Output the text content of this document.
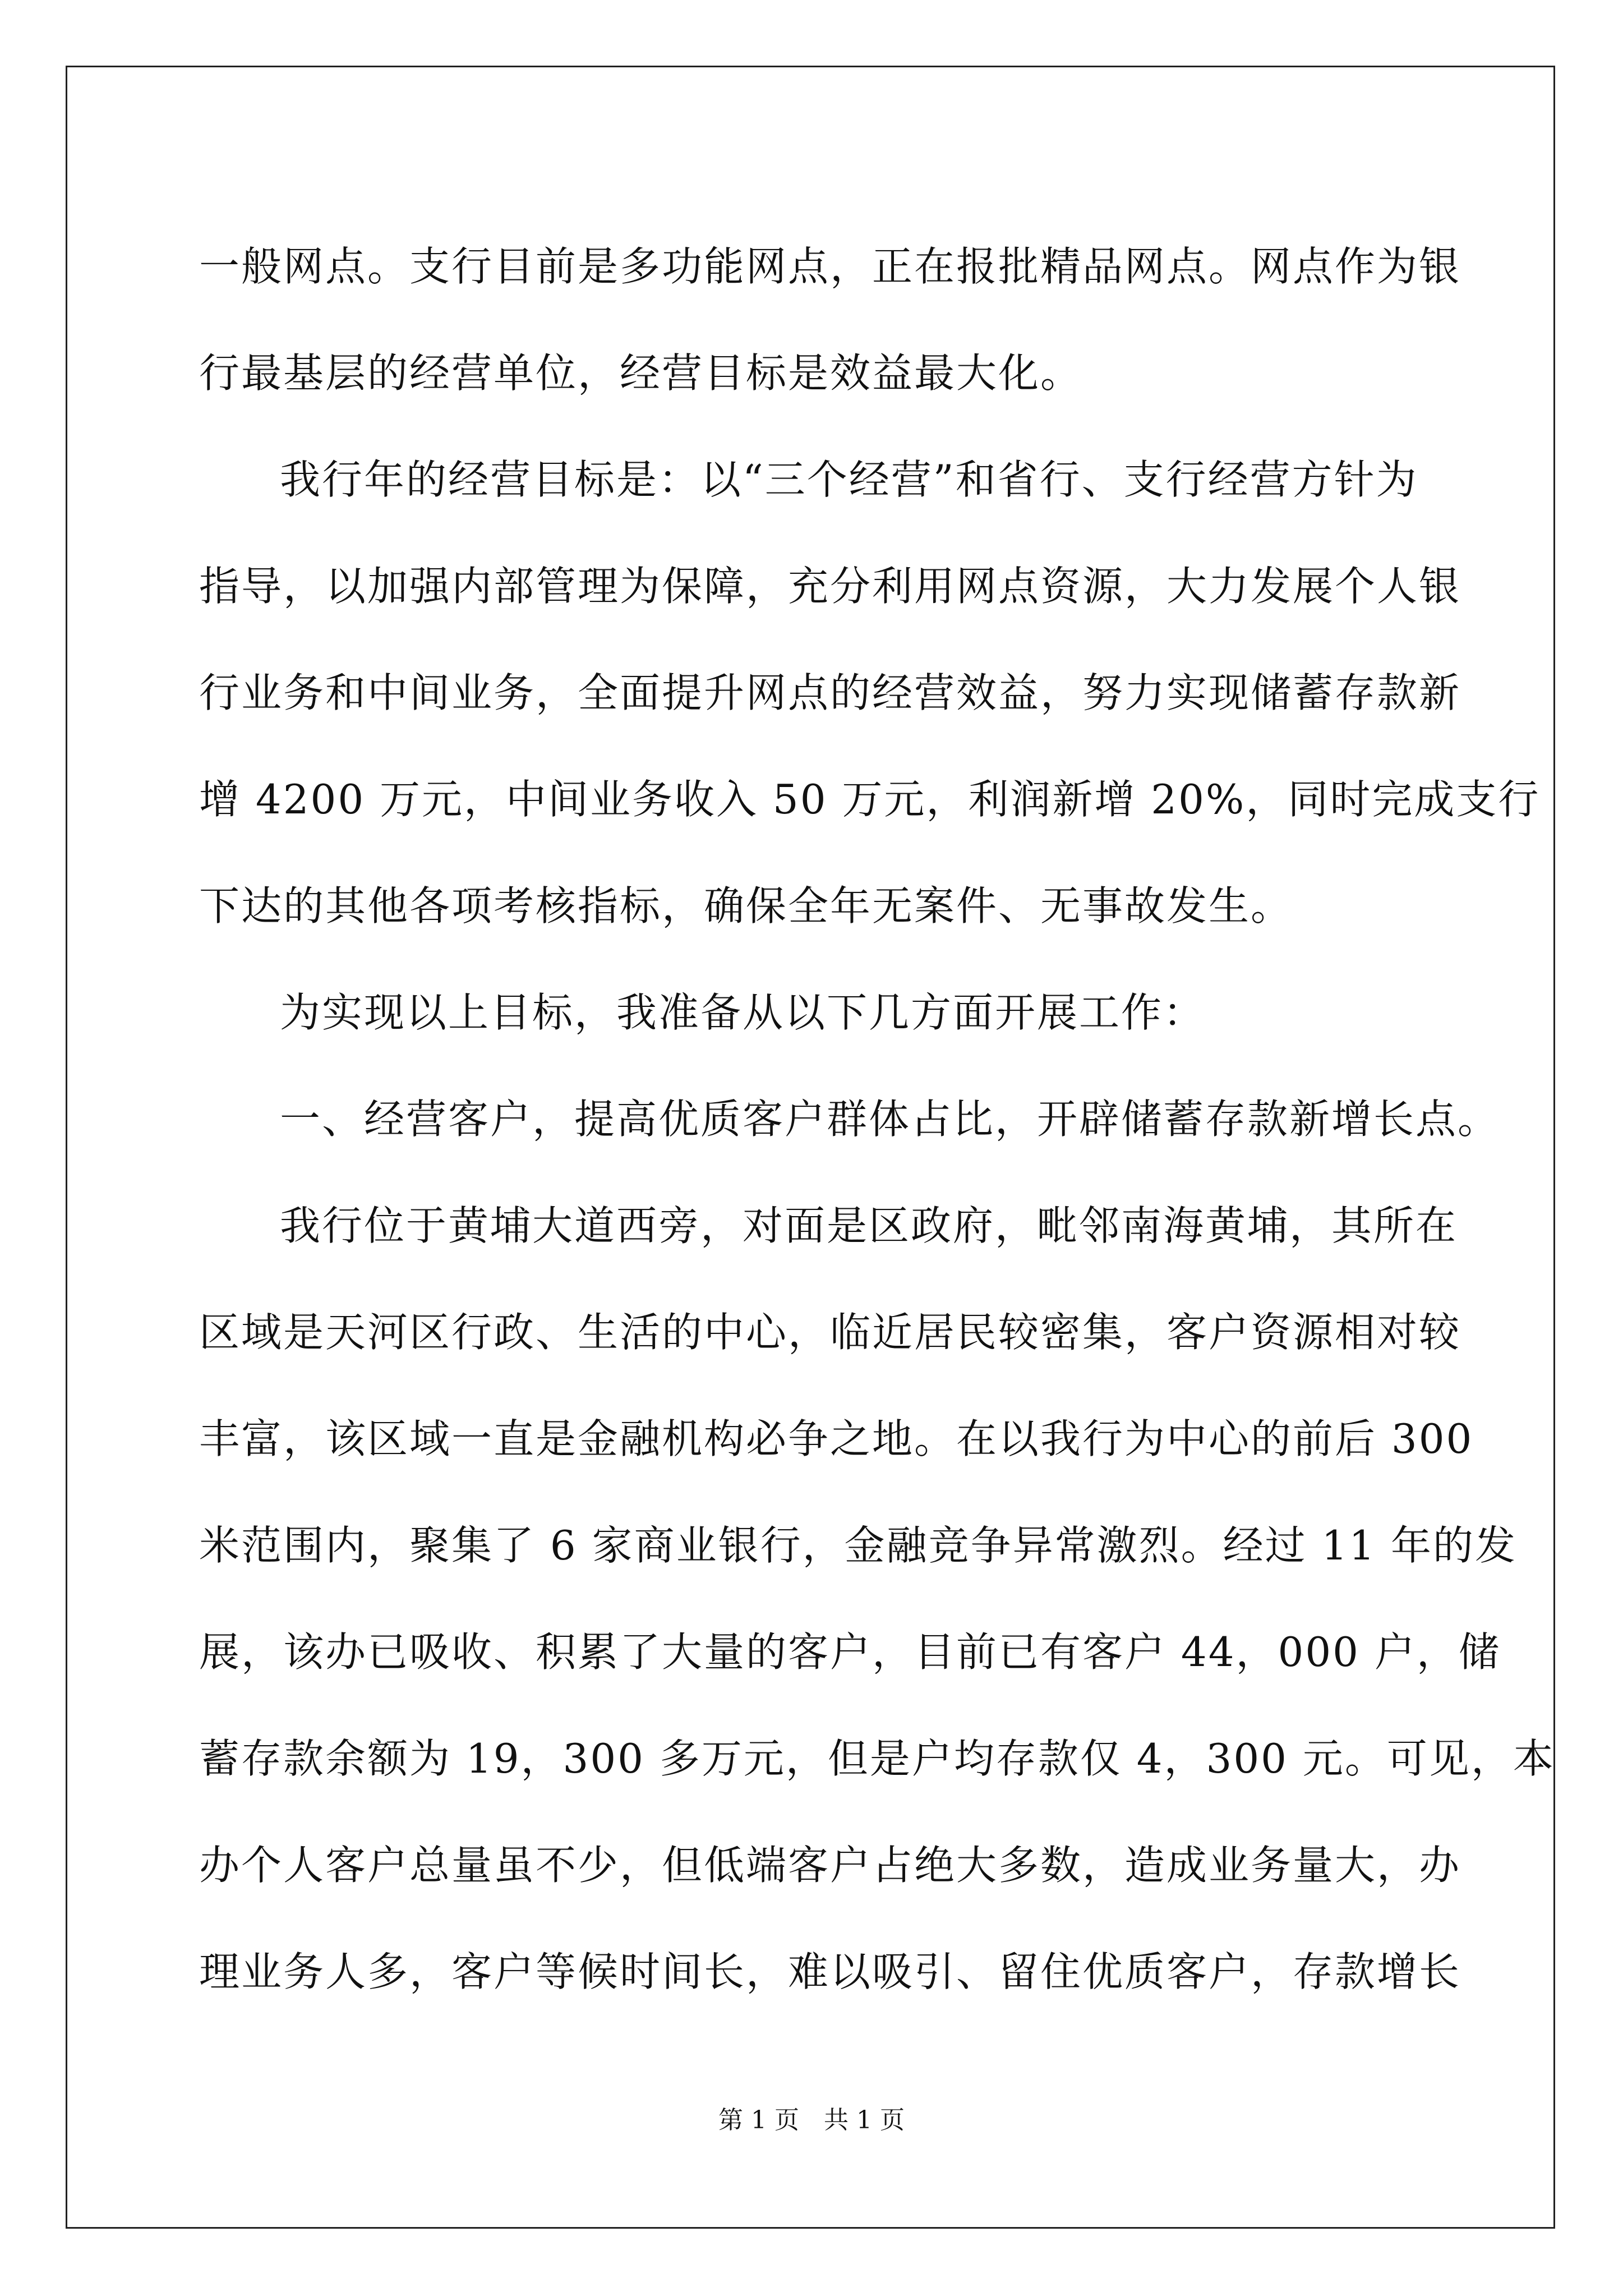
一般网点。支行目前是多功能网点，正在报批精品网点。网点作为银
行最基层的经营单位，经营目标是效益最大化。
我行年的经营目标是：以“三个经营”和省行、支行经营方针为
指导，以加强内部管理为保障，充分利用网点资源，大力发展个人银
行业务和中间业务，全面提升网点的经营效益，努力实现储蓄存款新
增 4200 万元，中间业务收入 50 万元，利润新增 20%，同时完成支行
下达的其他各项考核指标，确保全年无案件、无事故发生。
为实现以上目标，我准备从以下几方面开展工作：
一、经营客户，提高优质客户群体占比，开辟储蓄存款新增长点。
我行位于黄埔大道西旁，对面是区政府，毗邻南海黄埔，其所在
区域是天河区行政、生活的中心，临近居民较密集，客户资源相对较
丰富，该区域一直是金融机构必争之地。在以我行为中心的前后 300
米范围内，聚集了 6 家商业银行，金融竞争异常激烈。经过 11 年的发
展，该办已吸收、积累了大量的客户，目前已有客户 44，000 户，储
蓄存款余额为 19，300 多万元，但是户均存款仅 4，300 元。可见，本
办个人客户总量虽不少，但低端客户占绝大多数，造成业务量大，办
理业务人多，客户等候时间长，难以吸引、留住优质客户，存款增长
第 1 页 共 1 页
